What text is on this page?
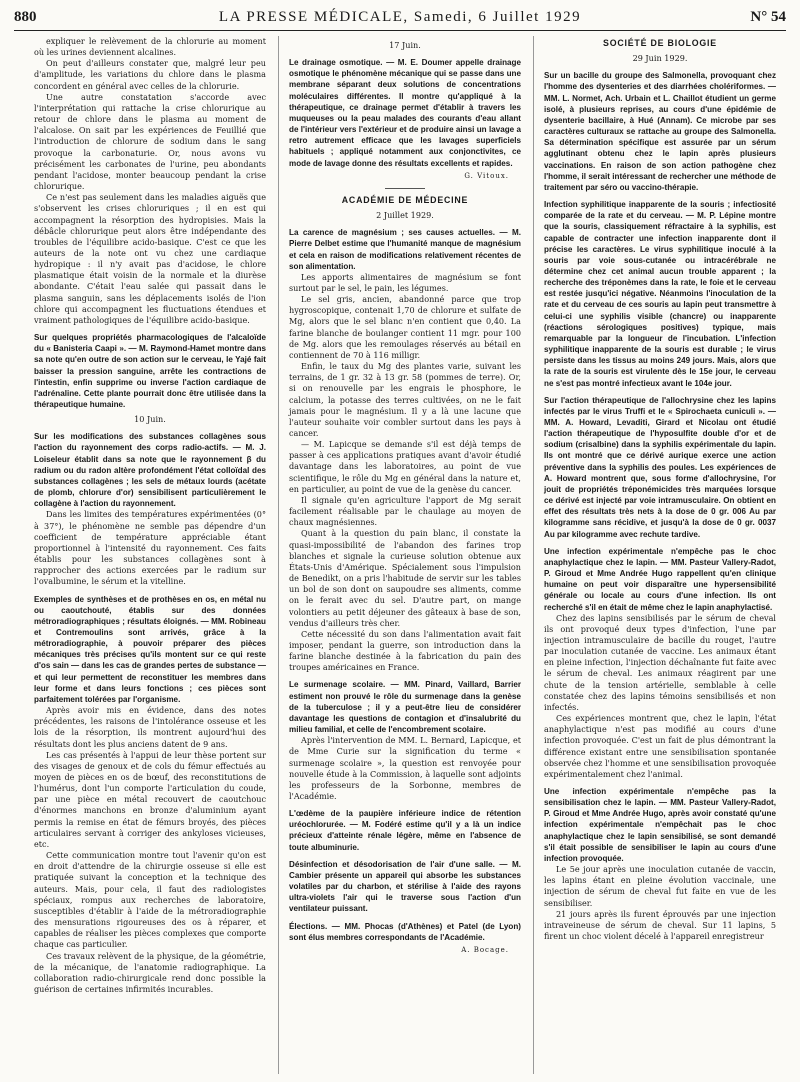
880	LA PRESSE MÉDICALE, Samedi, 6 Juillet 1929	N° 54

expliquer le relèvement de la chlorurie au moment où les urines deviennent alcalines.

On peut d'ailleurs constater que, malgré leur peu d'amplitude, les variations du chlore dans le plasma concordent en général avec celles de la chlorurie.

Une autre constatation s'accorde avec l'interprétation qui rattache la crise chlorurique au retour de chlore dans le plasma au moment de l'alcalose. On sait par les expériences de Feuillié que l'introduction de chlorure de sodium dans le sang provoque la carbonaturie. Or, nous avons vu précisément les carbonates de l'urine, peu abondants pendant l'acidose, monter beaucoup pendant la crise chlorurique.

Ce n'est pas seulement dans les maladies aiguës que s'observent les crises chloruriques ; il en est qui accompagnent la résorption des hydropisies. Mais la débâcle chlorurique peut alors être indépendante des troubles de l'équilibre acido-basique. C'est ce que les auteurs de la note ont vu chez une cardiaque hydropique : il n'y avait pas d'acidose, le chlore plasmatique était voisin de la normale et la diurèse abondante. C'était l'eau salée qui passait dans le plasma sanguin, sans les déplacements isolés de l'ion chlore qui accompagnent les fluctuations étendues et vraiment pathologiques de l'équilibre acido-basique.

Sur quelques propriétés pharmacologiques de l'alcaloïde du « Banisteria Caapi ». — M. Raymond-Hamet montre dans sa note qu'en outre de son action sur le cerveau, le Yajé fait baisser la pression sanguine, arrête les contractions de l'intestin, enfin supprime ou inverse l'action cardiaque de l'adrénaline. Cette plante pourrait donc être utilisée dans la thérapeutique humaine.

10 Juin.

Sur les modifications des substances collagènes sous l'action du rayonnement des corps radio-actifs. — M. J. Loiseleur établit dans sa note que le rayonnement β du radium ou du radon altère profondément l'état colloïdal des substances collagènes ; les sels de métaux lourds (acétate de plomb, chlorure d'or) sensibilisent particulièrement le collagène à l'action du rayonnement.

Dans les limites des températures expérimentées (0° à 37°), le phénomène ne semble pas dépendre d'un coefficient de température appréciable étant proportionnel à l'intensité du rayonnement. Ces faits établis pour les substances collagènes sont à rapprocher des actions exercées par le radium sur l'ovalbumine, le sérum et la vitelline.

Exemples de synthèses et de prothèses en os, en métal nu ou caoutchouté, établis sur des données métroradiographiques ; résultats éloignés. — MM. Robineau et Contremoulins sont arrivés, grâce à la métroradiographie, à pouvoir préparer des pièces mécaniques très précises qu'ils montent sur ce qui reste d'os sain — dans les cas de grandes pertes de substance — et qui leur permettent de reconstituer les membres dans leur forme et dans leurs fonctions ; ces pièces sont parfaitement tolérées par l'organisme.

Après avoir mis en évidence, dans des notes précédentes, les raisons de l'intolérance osseuse et les lois de la résorption, ils montrent aujourd'hui des résultats dont les plus anciens datent de 9 ans.

Les cas présentés à l'appui de leur thèse portent sur des visages de genoux et de cols du fémur effectués au moyen de pièces en os de bœuf, des reconstitutions de l'humérus, dont l'un comporte l'articulation du coude, par une pièce en métal recouvert de caoutchouc d'énormes manchons en bronze d'aluminium ayant permis la remise en état de fémurs broyés, des pièces articulaires servant à corriger des ankyloses vicieuses, etc.

Cette communication montre tout l'avenir qu'on est en droit d'attendre de la chirurgie osseuse si elle est pratiquée suivant la conception et la technique des auteurs. Mais, pour cela, il faut des radiologistes spéciaux, rompus aux recherches de laboratoire, susceptibles d'établir à l'aide de la métroradiographie des mensurations rigoureuses des os à réparer, et capables de réaliser les pièces complexes que comporte chaque cas particulier.

Ces travaux relèvent de la physique, de la géométrie, de la mécanique, de l'anatomie radiographique. La collaboration radio-chirurgicale rend donc possible la guérison de certaines infirmités incurables.

17 Juin.

Le drainage osmotique. — M. E. Doumer appelle drainage osmotique le phénomène mécanique qui se passe dans une membrane séparant deux solutions de concentrations moléculaires différentes. Il montre qu'appliqué à la thérapeutique, ce drainage permet d'établir à travers les muqueuses ou la peau malades des courants d'eau allant de l'intérieur vers l'extérieur et de produire ainsi un lavage a retro autrement efficace que les lavages superficiels habituels ; appliqué notamment aux conjonctivites, ce mode de lavage donne des résultats excellents et rapides.

G. Vitoux.

ACADÉMIE DE MÉDECINE

2 Juillet 1929.

La carence de magnésium ; ses causes actuelles. — M. Pierre Delbet estime que l'humanité manque de magnésium et cela en raison de modifications relativement récentes de son alimentation.

Les apports alimentaires de magnésium se font surtout par le sel, le pain, les légumes.

Le sel gris, ancien, abandonné parce que trop hygroscopique, contenait 1,70 de chlorure et sulfate de Mg, alors que le sel blanc n'en contient que 0,40. La farine blanche de boulanger contient 11 mgr. pour 100 de Mg. alors que les remoulages réservés au bétail en contiennent de 70 à 116 milligr.

Enfin, le taux du Mg des plantes varie, suivant les terrains, de 1 gr. 32 à 13 gr. 58 (pommes de terre). Or, si on renouvelle par les engrais le phosphore, le calcium, la potasse des terres cultivées, on ne le fait jamais pour le magnésium. Il y a là une lacune que l'auteur souhaite voir combler surtout dans les pays à cancer.

— M. Lapicque se demande s'il est déjà temps de passer à ces applications pratiques avant d'avoir étudié davantage dans les laboratoires, au point de vue scientifique, le rôle du Mg en général dans la nature et, en particulier, au point de vue de la genèse du cancer.

Il signale qu'en agriculture l'apport de Mg serait facilement réalisable par le chaulage au moyen de chaux magnésiennes.

Quant à la question du pain blanc, il constate la quasi-impossibilité de l'abandon des farines trop blanches et signale la curieuse solution obtenue aux États-Unis d'Amérique. Spécialement sous l'impulsion de Benedikt, on a pris l'habitude de servir sur les tables un bol de son dont on saupoudre ses aliments, comme on le ferait avec du sel. D'autre part, on mange volontiers au petit déjeuner des gâteaux à base de son, vendus d'ailleurs très cher.

Cette nécessité du son dans l'alimentation avait fait imposer, pendant la guerre, son introduction dans la farine blanche destinée à la fabrication du pain des troupes américaines en France.

Le surmenage scolaire. — MM. Pinard, Vaillard, Barrier estiment non prouvé le rôle du surmenage dans la genèse de la tuberculose ; il y a peut-être lieu de considérer davantage les questions de contagion et d'insalubrité du milieu familial, et celle de l'encombrement scolaire.

Après l'intervention de MM. L. Bernard, Lapicque, et de Mme Curie sur la signification du terme « surmenage scolaire », la question est renvoyée pour nouvelle étude à la Commission, à laquelle sont adjoints les professeurs de la Sorbonne, membres de l'Académie.

L'œdème de la paupière inférieure indice de rétention uréochlorurée. — M. Fodéré estime qu'il y a là un indice précieux d'atteinte rénale légère, même en l'absence de toute albuminurie.

Désinfection et désodorisation de l'air d'une salle. — M. Cambier présente un appareil qui absorbe les substances volatiles par du charbon, et stérilise à l'aide des rayons ultra-violets l'air qui le traverse sous l'action d'un ventilateur puissant.

Élections. — MM. Phocas (d'Athènes) et Patel (de Lyon) sont élus membres correspondants de l'Académie.

A. Bocage.

SOCIÉTÉ DE BIOLOGIE

29 Juin 1929.

Sur un bacille du groupe des Salmonella, provoquant chez l'homme des dysenteries et des diarrhées cholériformes. — MM. L. Normet, Ach. Urbain et L. Chaillot étudient un germe isolé, à plusieurs reprises, au cours d'une épidémie de dysenterie bacillaire, à Hué (Annam). Ce microbe par ses caractères culturaux se rattache au groupe des Salmonella. Sa détermination spécifique est assurée par un sérum agglutinant obtenu chez le lapin après plusieurs vaccinations. En raison de son action pathogène chez l'homme, il serait intéressant de rechercher une méthode de traitement par séro ou vaccino-thérapie.

Infection syphilitique inapparente de la souris ; infectiosité comparée de la rate et du cerveau. — M. P. Lépine montre que la souris, classiquement réfractaire à la syphilis, est capable de contracter une infection inapparente dont il précise les caractères. Le virus syphilitique inoculé à la souris par voie sous-cutanée ou intracérébrale ne détermine chez cet animal aucun trouble apparent ; la recherche des tréponèmes dans la rate, le foie et le cerveau est restée jusqu'ici négative. Néanmoins l'inoculation de la rate et du cerveau de ces souris au lapin peut transmettre à celui-ci une syphilis visible (chancre) ou inapparente (réactions sérologiques positives) typique, mais remarquable par la longueur de l'incubation. L'infection syphilitique inapparente de la souris est durable ; le virus persiste dans les tissus au moins 249 jours. Mais, alors que la rate de la souris est virulente dès le 15e jour, le cerveau ne s'est pas montré infectieux avant le 104e jour.

Sur l'action thérapeutique de l'allochrysine chez les lapins infectés par le virus Truffi et le « Spirochaeta cuniculi ». — MM. A. Howard, Levaditi, Girard et Nicolau ont étudié l'action thérapeutique de l'hyposulfite double d'or et de sodium (crisalbine) dans la syphilis expérimentale du lapin. Ils ont montré que ce dérivé aurique exerce une action préventive dans la syphilis des poules. Les expériences de A. Howard montrent que, sous forme d'allochrysine, l'or jouit de propriétés tréponémicides très marquées lorsque ce dérivé est injecté par voie intramusculaire. On obtient en effet des résultats très nets à la dose de 0 gr. 006 Au par kilogramme sans récidive, et jusqu'à la dose de 0 gr. 0037 Au par kilogramme avec rechute tardive.

Une infection expérimentale n'empêche pas le choc anaphylactique chez le lapin. — MM. Pasteur Vallery-Radot, P. Giroud et Mme Andrée Hugo rappellent qu'en clinique humaine on peut voir disparaître une hypersensibilité générale ou locale au cours d'une infection. Ils ont recherché s'il en était de même chez le lapin anaphylactisé.

Chez des lapins sensibilisés par le sérum de cheval ils ont provoqué deux types d'infection, l'une par injection intramusculaire de bacille du rouget, l'autre par inoculation cutanée de vaccine. Les animaux étant en pleine infection, l'injection déchaînante fut faite avec le sérum de cheval. Les animaux réagirent par une chute de la tension artérielle, semblable à celle constatée chez des lapins témoins sensibilisés et non infectés.

Ces expériences montrent que, chez le lapin, l'état anaphylactique n'est pas modifié au cours d'une infection provoquée. C'est un fait de plus démontrant la différence existant entre une sensibilisation spontanée observée chez l'homme et une sensibilisation provoquée expérimentalement chez l'animal.

Une infection expérimentale n'empêche pas la sensibilisation chez le lapin. — MM. Pasteur Vallery-Radot, P. Giroud et Mme Andrée Hugo, après avoir constaté qu'une infection expérimentale n'empêchait pas le choc anaphylactique chez le lapin sensibilisé, se sont demandé s'il était possible de sensibiliser le lapin au cours d'une infection provoquée.

Le 5e jour après une inoculation cutanée de vaccin, les lapins étant en pleine évolution vaccinale, une injection de sérum de cheval fut faite en vue de les sensibiliser.

21 jours après ils furent éprouvés par une injection intraveineuse de sérum de cheval. Sur 11 lapins, 5 firent un choc violent décelé à l'appareil enregistreur
